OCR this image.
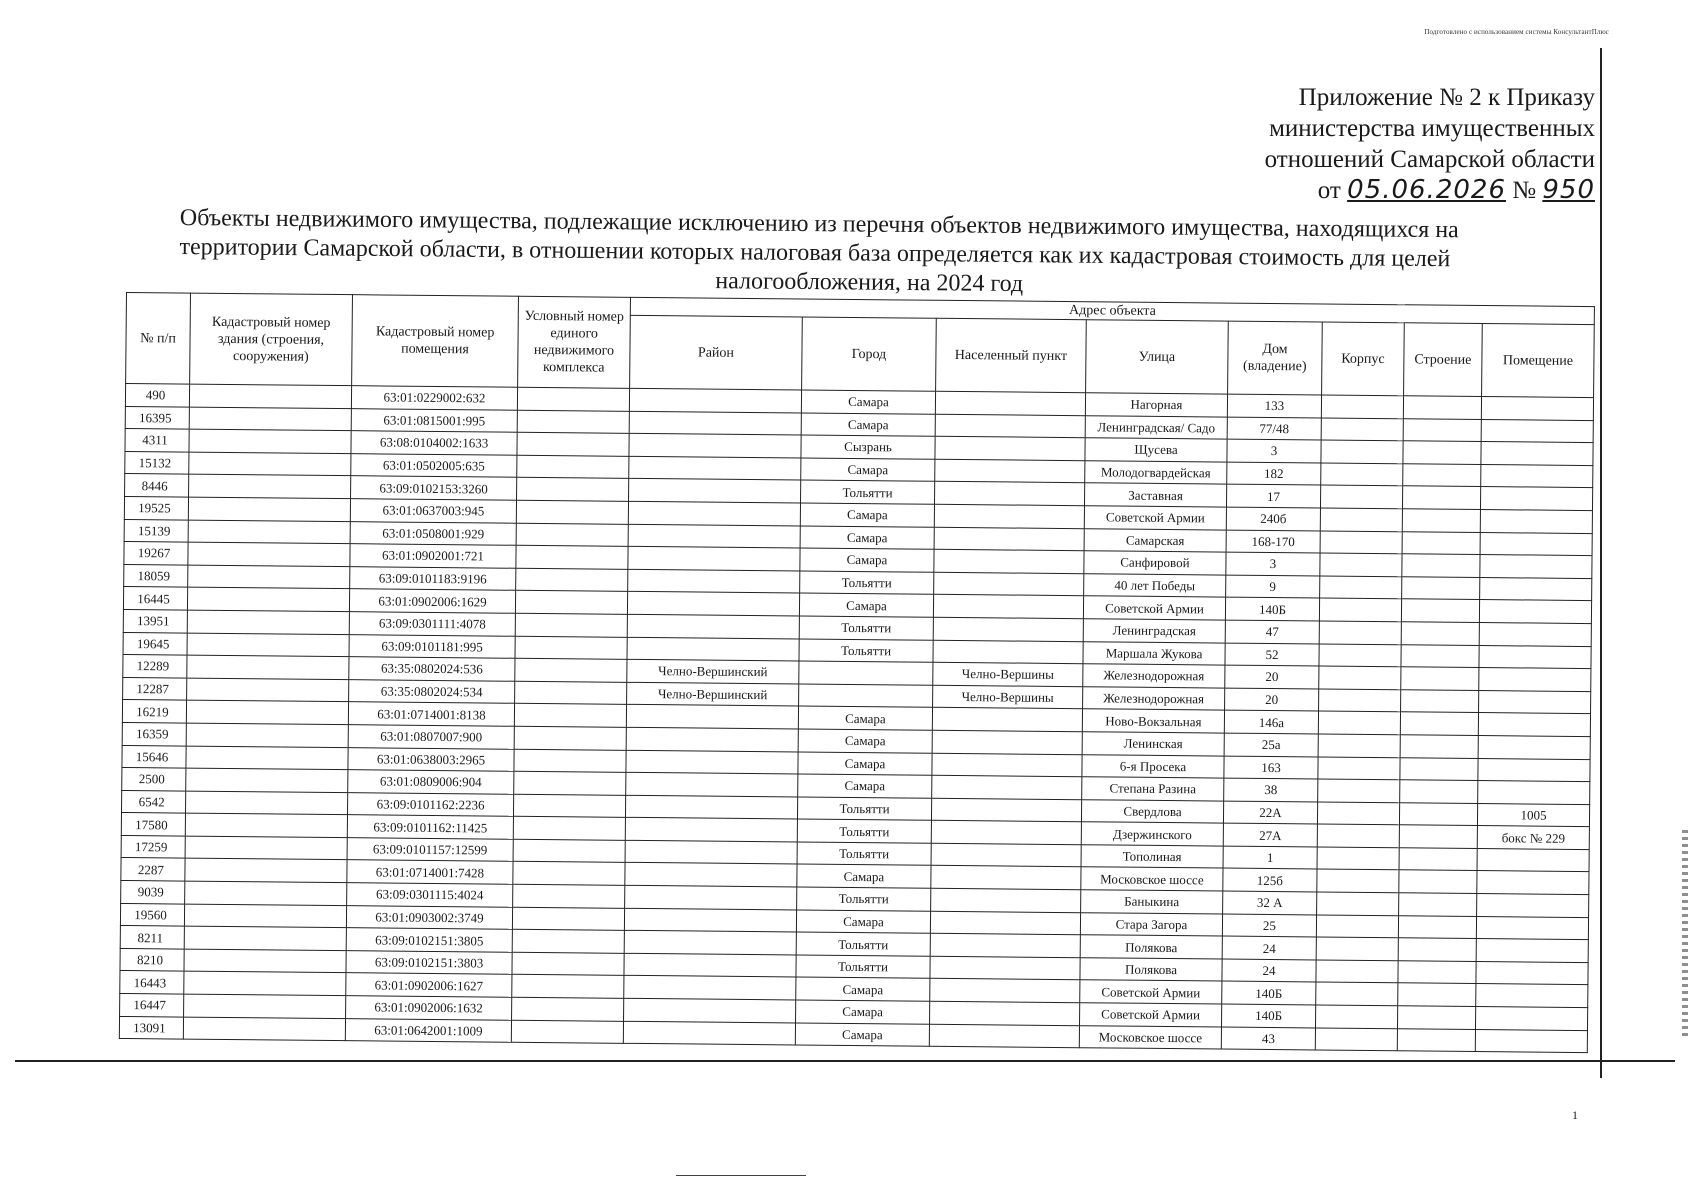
Подготовлено с использованием системы КонсультантПлюс
Приложение № 2 к Приказу
министерства имущественных
отношений Самарской области
от 05.06.2026 № 950
Объекты недвижимого имущества, подлежащие исключению из перечня объектов недвижимого имущества, находящихся на
территории Самарской области, в отношении которых налоговая база определяется как их кадастровая стоимость для целей

налогообложения, на 2024 год
№ п/п	Кадастровый номер здания (строения, сооружения)	Кадастровый номер помещения	Условный номер единого недвижимого комплекса	Адрес объекта							
				Район	Город	Населенный пункт	Улица	Дом (владение)	Корпус	Строение	Помещение
490		63:01:0229002:632			Самара		Нагорная	133			
16395		63:01:0815001:995			Самара		Ленинградская/ Садо	77/48			
4311		63:08:0104002:1633			Сызрань		Щусева	3			
15132		63:01:0502005:635			Самара		Молодогвардейская	182			
8446		63:09:0102153:3260			Тольятти		Заставная	17			
19525		63:01:0637003:945			Самара		Советской Армии	240б			
15139		63:01:0508001:929			Самара		Самарская	168-170			
19267		63:01:0902001:721			Самара		Санфировой	3			
18059		63:09:0101183:9196			Тольятти		40 лет Победы	9			
16445		63:01:0902006:1629			Самара		Советской Армии	140Б			
13951		63:09:0301111:4078			Тольятти		Ленинградская	47			
19645		63:09:0101181:995			Тольятти		Маршала Жукова	52			
12289		63:35:0802024:536		Челно-Вершинский		Челно-Вершины	Железнодорожная	20			
12287		63:35:0802024:534		Челно-Вершинский		Челно-Вершины	Железнодорожная	20			
16219		63:01:0714001:8138			Самара		Ново-Вокзальная	146а			
16359		63:01:0807007:900			Самара		Ленинская	25а			
15646		63:01:0638003:2965			Самара		6-я Просека	163			
2500		63:01:0809006:904			Самара		Степана Разина	38			
6542		63:09:0101162:2236			Тольятти		Свердлова	22А			1005
17580		63:09:0101162:11425			Тольятти		Дзержинского	27А			бокс № 229
17259		63:09:0101157:12599			Тольятти		Тополиная	1			
2287		63:01:0714001:7428			Самара		Московское шоссе	125б			
9039		63:09:0301115:4024			Тольятти		Баныкина	32 А			
19560		63:01:0903002:3749			Самара		Стара Загора	25			
8211		63:09:0102151:3805			Тольятти		Полякова	24			
8210		63:09:0102151:3803			Тольятти		Полякова	24			
16443		63:01:0902006:1627			Самара		Советской Армии	140Б			
16447		63:01:0902006:1632			Самара		Советской Армии	140Б			
13091		63:01:0642001:1009			Самара		Московское шоссе	43			
1
